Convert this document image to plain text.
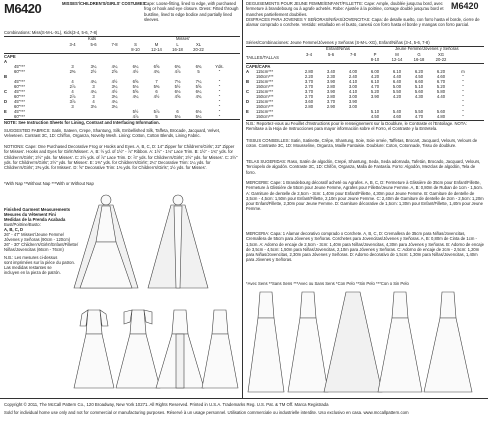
M6420	MISSES'/CHILDREN'S/GIRLS' COSTUMES:
Cape: Loose-fitting, lined to edge, with purchased frog or hook and eye closure. Dress: Fitted through bustline, lined to edge bodice and partially lined sleeves.
Combinations: Miss(S-M-L-XL), Kids(3-4, 5-6, 7-8)
DEGUISEMENTS POUR JEUNE FEMME/ENFANT/FILLETTE: Cape: Ample, doublée jusqu'au bord, avec fermeture à brandebourg ou à agrafe achetés. Robe: Ajustée à la poitrine, corsage doublé jusqu'au bord et manches partiellement doublées.
M6420
DISFRACES PARA JOVENES Y SEÑORAS/NIÑAS/JOVENCITAS: Capa: de detalle suelto, con forro hasta el borde, cierre de alamar comprado o corchete. Vestido: entallado en el busto, canesú con forro hasta el borde y mangas con forro parcial.
Séries/Combinaciones: Jeune Femme/Jóvenes y Señoras (S-M-L-XG), Enfant/Niñas (3-4, 5-6, 7-8)
Kids	Misses'
3-4	5-6	7-8	S	M	L	XL
8-10	12-14	16-18	20-22
CAPE
A
45"***	3	3¼	4¼	6¼	6⅝	6¾	6¾	Yds.
60"***	2⅜	2½	2⅝	4½	4¾	4⅞	5	"
B
45"***	4	4¼	4½	6⅝	7	7⅛	7¼	"
60"***	2⅞	3	3¼	5⅛	5⅜	5½	5⅝	"
C	45"***	4	4¼	4½	5⅝	6	6⅛	6¼	"
60"***	2⅞	3	3¼	4¼	4½	4⅝	4¾	"
D	45"***	3⅞	4	4¼	"
60"***	3	3⅛	3¼	"
E	45"***	5½	5⅞	6	6⅛	"
60"***	4⅞	5	5⅛	5¼	"
NOTE: See Instruction Sheets for Lining, Contrast and Interfacing Information.
SUGGESTED FABRICS: Satin, Sateen, Crepe, Shantung, Silk, Embellished Silk, Taffeta, Brocade, Jacquard, Velvet, Velveteen. Contrast 3C, 1D: Chiffon, Organza, Novelty Mesh. Lining: Cotton, Cotton Blends, Lining Fabric.
NOTIONS: Cape: One Purchased Decorative Frog or Hooks and Eyes. A, B, C, D: 14" Zipper for Children's/Girls'; 22" Zipper for Misses'. Hooks and Eyes for Girls'/Misses'. A, B: ½ yd. of 1½" - ⅞" Ribbon. A: 1½" - 1⅛" Lace Trim. B: 1½" - 1¾" yds. for Children's/Girls'; 2½" yds. for Misses'. C: 2½ yds. of ⅞" Lace Trim. D: ⅞" yds. for Children's/Girls'; 2½" yds. for Misses'. C: 2½" yds. for Children's/Girls'; 2½" yds. for Misses'. E: 1⅜" yds. for Children's/Girls'; 2¼" Decorative Trim: 1¼ yds. for Children's/Girls'; 2⅜ yds. for Misses'. D: ⅝" Decorative Trim: 1⅜ yds. for Children's/Girls'; 1½ yds. for Misses'.
*With Nap **Without Nap ***With or Without Nap
Finished Garment Measurements
Mesures du Vêtement Fini
Medidas de la Prenda Acabada
Bust/Poitrine/Busto:
A, B, C, D
26" - 47" Misses'/Jeune Femme/
Jóvenes y Señoras (90cm - 120cm)
26" - 30" Children's/Girls'/Enfant/Fillette/
Niñas/Jovencitas (66cm - 76cm)
N.B.: Les mesures ci-dessus
sont imprimées sur la pièce du patron.
Las medidas restantes se
incluyen en la pieza de patrón.
Enfant/Niñas	Jeune Femme/Jóvenes y Señoras
TAILLES/TALLAS
3-4	5-6	7-8	P	M	G	XG
8-10	12-14	16-18	20-22
CAPE/CAPA
A	115cm***	2.80	3.40	4.00	6.00	6.10	6.20	6.20	m
150cm***	2.20	2.30	2.40	4.20	4.40	4.50	4.60	"
B	115cm***	3.70	3.90	4.10	6.10	6.40	6.60	6.70	"
150cm***	2.70	2.80	3.00	4.70	5.00	5.10	5.20	"
C	115cm***	3.70	3.90	4.10	5.20	5.50	5.60	5.80	"
150cm***	2.70	2.80	3.00	3.90	4.20	4.30	4.40	"
D	115cm***	3.60	3.70	3.90	"
150cm***	2.80	2.90	3.00	"
E	115cm***	5.10	5.40	5.50	5.60	"
150cm***	4.50	4.60	4.70	4.80	"
N.B.: Reportez-vous au Feuillet d'Instructions pour le renseignement sur la Doublure, le Contraste et l'Entoilage. NOTA: Remítase a la Hoja de Instrucciones para mayor información sobre el Forro, el Contraste y la Entretela.
TISSUS CONSEILLES: Satin, Satinette, Crêpe, Shantung, Soie, Soie ornée, Taffetas, Brocart, Jacquard, Velours, Velours de coton. Contraste 3C, 1D: Mousseline, Organza, Maille Fantaisie. Doublure: Coton, Cotonnade, Tissu de doublure.
TELAS SUGERIDAS: Raso, Satén de algodón, Crepé, Shantung, Seda, Seda adornada, Tafetán, Brocado, Jacquard, Velours, Terciopelo de algodón. Contraste 3C, 1D: Chifón, Organza, Malla de Fantasía. Forro: Algodón, Mezclas de algodón, Tela de forro.
MERCERIE: Cape: 1 Brandebourg décoratif acheté ou Agrafes. A, B, C, D: Fermeture à Glissière de 35cm pour Enfant/Fillette, Fermeture à Glissière de 55cm pour Jeune Femme, Agrafes pour Fillette/Jeune Femme. A, B: 0,80m de Ruban de 1cm - 1,5cm. A: Garniture de dentelle de 2,5cm - 3cm: 1,40m pour Enfant/Fillette, 4,30m pour Jeune Femme. B: Garniture de dentelle de 3,5cm - 4,5cm: 1,50m pour Enfant/Fillette, 2,10m pour Jeune Femme. C: 2,40m de Garniture de dentelle de 2cm - 2,5cm: 1,20m pour Enfant/Fillette, 2,30m pour Jeune Femme. D: Garniture décorative de 1,5cm: 1,30m pour Enfant/Fillette, 1,40m pour Jeune Femme.
MERCERIA: Capa: 1 Alamar decorativo comprado o Corchete. A, B, C, D: Cremallera de 35cm para Niñas/Jovencitas, Cremallera de 55cm para Jóvenes y Señoras. Corchetes para Jovencitas/Jóvenes y Señoras. A, B: 0,80m de Cinta de 1cm - 1,5cm. A: Adorno de encaje de 2,5cm - 3cm: 1,40m para Niñas/Jovencitas, 4,30m para Jóvenes y Señoras. B: Adorno de encaje de 3,5cm - 4,5cm: 1,50m para Niñas/Jovencitas, 2,10m para Jóvenes y Señoras. C: Adorno de encaje de 2cm - 2,5cm: 1,20m para Niñas/Jovencitas, 2,30m para Jóvenes y Señoras. D: Adorno decorativo de 1,5cm: 1,30m para Niñas/Jovencitas, 1,40m para Jóvenes y Señoras.
*Avec Sens **Sans Sens ***Avec ou Sans Sens *Con Pelo **Sin Pelo ***Con o Sin Pelo
Copyright © 2011, The McCall Pattern Co., 120 Broadway, New York 10271. All Rights Reserved. Printed in U.S.A. Trademarks Reg. U.S. Pat. & TM Off. Marca Registrada
Sold for individual home use only and not for commercial or manufacturing purposes. Réservé à un usage personnel. Utilisation commerciale ou industrielle interdite. Uso exclusivo en casa. www.mccallpattern.com
